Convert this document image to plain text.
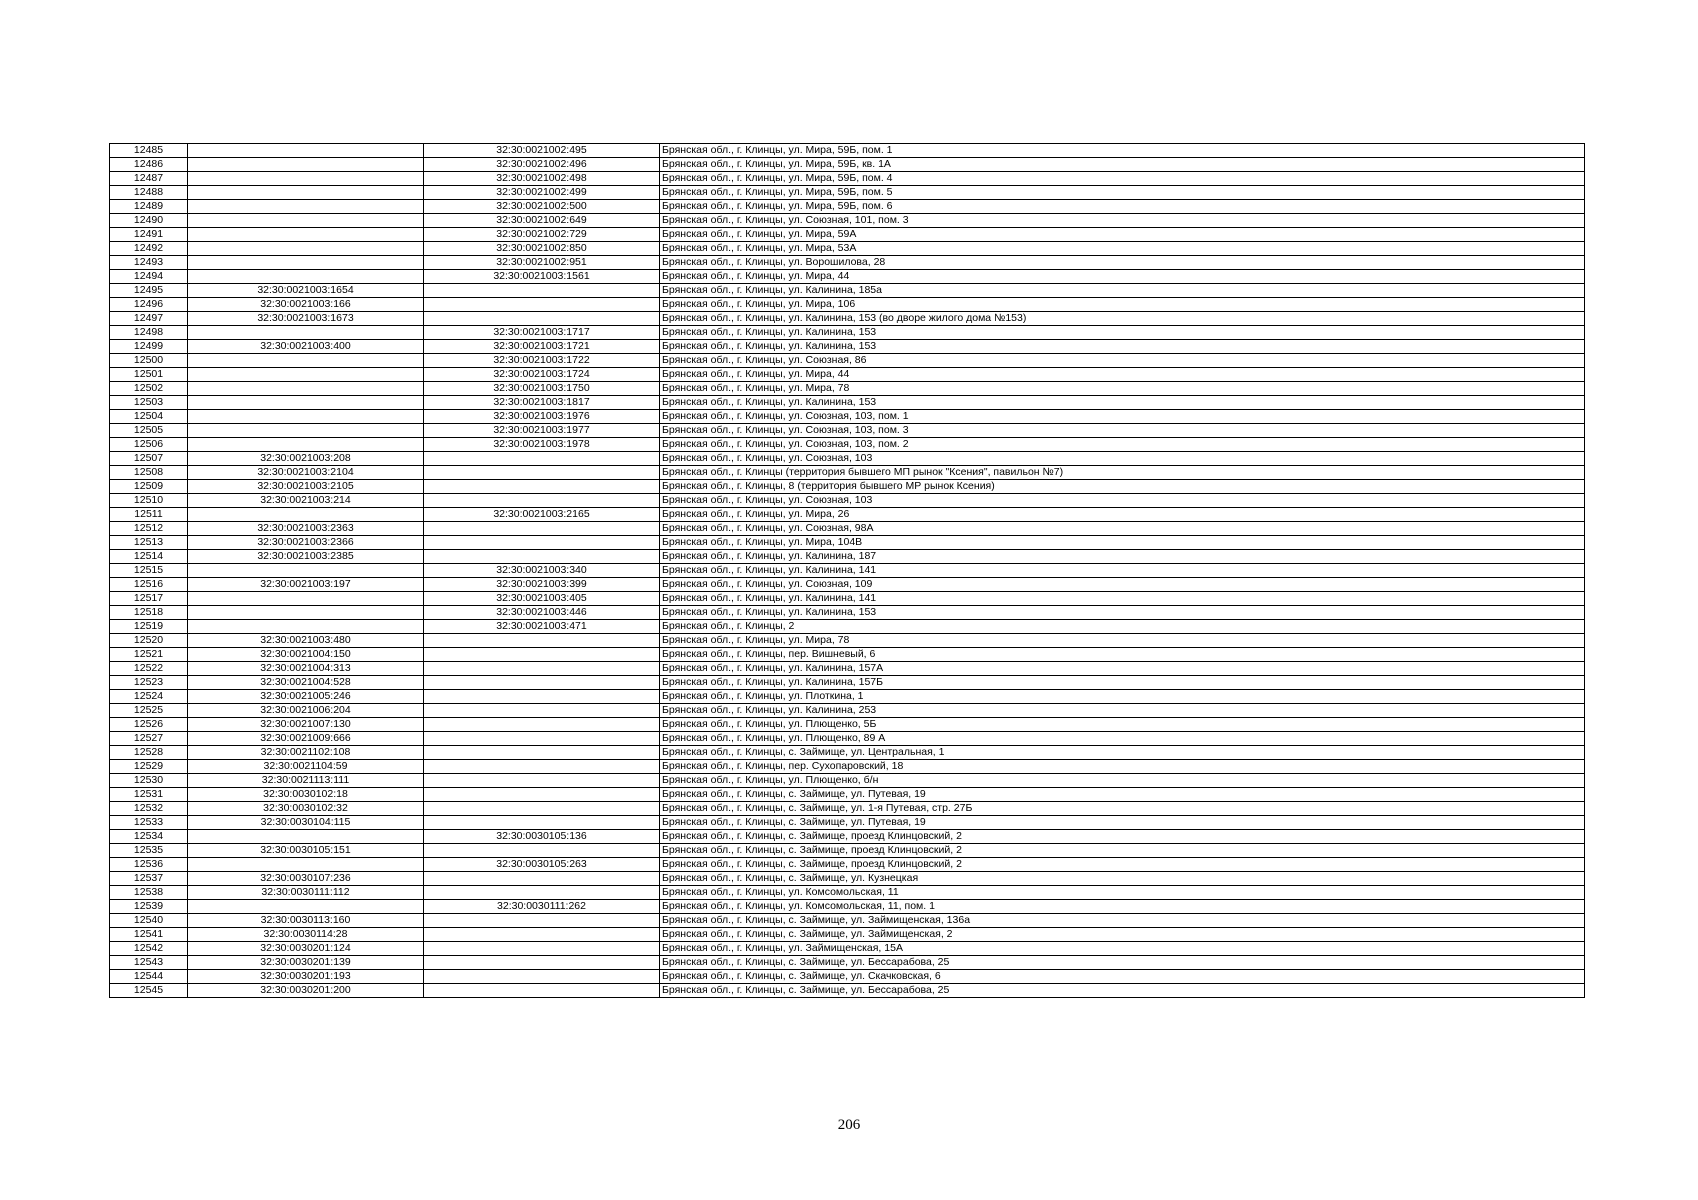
12485		32:30:0021002:495	Брянская обл., г. Клинцы, ул. Мира, 59Б, пом. 1
12486		32:30:0021002:496	Брянская обл., г. Клинцы, ул. Мира, 59Б, кв. 1А
12487		32:30:0021002:498	Брянская обл., г. Клинцы, ул. Мира, 59Б, пом. 4
12488		32:30:0021002:499	Брянская обл., г. Клинцы, ул. Мира, 59Б, пом. 5
12489		32:30:0021002:500	Брянская обл., г. Клинцы, ул. Мира, 59Б, пом. 6
12490		32:30:0021002:649	Брянская обл., г. Клинцы, ул. Союзная, 101, пом. 3
12491		32:30:0021002:729	Брянская обл., г. Клинцы, ул. Мира, 59А
12492		32:30:0021002:850	Брянская обл., г. Клинцы, ул. Мира, 53А
12493		32:30:0021002:951	Брянская обл., г. Клинцы, ул. Ворошилова, 28
12494		32:30:0021003:1561	Брянская обл., г. Клинцы, ул. Мира, 44
12495	32:30:0021003:1654		Брянская обл., г. Клинцы, ул. Калинина, 185а
12496	32:30:0021003:166		Брянская обл., г. Клинцы, ул. Мира, 106
12497	32:30:0021003:1673		Брянская обл., г. Клинцы, ул. Калинина, 153 (во дворе жилого дома №153)
12498		32:30:0021003:1717	Брянская обл., г. Клинцы, ул. Калинина, 153
12499	32:30:0021003:400	32:30:0021003:1721	Брянская обл., г. Клинцы, ул. Калинина, 153
12500		32:30:0021003:1722	Брянская обл., г. Клинцы, ул. Союзная, 86
12501		32:30:0021003:1724	Брянская обл., г. Клинцы, ул. Мира, 44
12502		32:30:0021003:1750	Брянская обл., г. Клинцы, ул. Мира, 78
12503		32:30:0021003:1817	Брянская обл., г. Клинцы, ул. Калинина, 153
12504		32:30:0021003:1976	Брянская обл., г. Клинцы, ул. Союзная, 103, пом. 1
12505		32:30:0021003:1977	Брянская обл., г. Клинцы, ул. Союзная, 103, пом. 3
12506		32:30:0021003:1978	Брянская обл., г. Клинцы, ул. Союзная, 103, пом. 2
12507	32:30:0021003:208		Брянская обл., г. Клинцы, ул. Союзная, 103
12508	32:30:0021003:2104		Брянская обл., г. Клинцы (территория бывшего МП рынок "Ксения", павильон №7)
12509	32:30:0021003:2105		Брянская обл., г. Клинцы, 8 (территория бывшего МР рынок Ксения)
12510	32:30:0021003:214		Брянская обл., г. Клинцы, ул. Союзная, 103
12511		32:30:0021003:2165	Брянская обл., г. Клинцы, ул. Мира, 26
12512	32:30:0021003:2363		Брянская обл., г. Клинцы, ул. Союзная, 98А
12513	32:30:0021003:2366		Брянская обл., г. Клинцы, ул. Мира, 104В
12514	32:30:0021003:2385		Брянская обл., г. Клинцы, ул. Калинина, 187
12515		32:30:0021003:340	Брянская обл., г. Клинцы, ул. Калинина, 141
12516	32:30:0021003:197	32:30:0021003:399	Брянская обл., г. Клинцы, ул. Союзная, 109
12517		32:30:0021003:405	Брянская обл., г. Клинцы, ул. Калинина, 141
12518		32:30:0021003:446	Брянская обл., г. Клинцы, ул. Калинина, 153
12519		32:30:0021003:471	Брянская обл., г. Клинцы, 2
12520	32:30:0021003:480		Брянская обл., г. Клинцы, ул. Мира, 78
12521	32:30:0021004:150		Брянская обл., г. Клинцы, пер. Вишневый, 6
12522	32:30:0021004:313		Брянская обл., г. Клинцы, ул. Калинина, 157А
12523	32:30:0021004:528		Брянская обл., г. Клинцы, ул. Калинина, 157Б
12524	32:30:0021005:246		Брянская обл., г. Клинцы, ул. Плоткина, 1
12525	32:30:0021006:204		Брянская обл., г. Клинцы, ул. Калинина, 253
12526	32:30:0021007:130		Брянская обл., г. Клинцы, ул. Плющенко, 5Б
12527	32:30:0021009:666		Брянская обл., г. Клинцы, ул. Плющенко, 89 А
12528	32:30:0021102:108		Брянская обл., г. Клинцы, с. Займище, ул. Центральная, 1
12529	32:30:0021104:59		Брянская обл., г. Клинцы, пер. Сухопаровский, 18
12530	32:30:0021113:111		Брянская обл., г. Клинцы, ул. Плющенко, б/н
12531	32:30:0030102:18		Брянская обл., г. Клинцы, с. Займище, ул. Путевая, 19
12532	32:30:0030102:32		Брянская обл., г. Клинцы, с. Займище, ул. 1-я Путевая, стр. 27Б
12533	32:30:0030104:115		Брянская обл., г. Клинцы, с. Займище, ул. Путевая, 19
12534		32:30:0030105:136	Брянская обл., г. Клинцы, с. Займище, проезд Клинцовский, 2
12535	32:30:0030105:151		Брянская обл., г. Клинцы, с. Займище, проезд Клинцовский, 2
12536		32:30:0030105:263	Брянская обл., г. Клинцы, с. Займище, проезд Клинцовский, 2
12537	32:30:0030107:236		Брянская обл., г. Клинцы, с. Займище, ул. Кузнецкая
12538	32:30:0030111:112		Брянская обл., г. Клинцы, ул. Комсомольская, 11
12539		32:30:0030111:262	Брянская обл., г. Клинцы, ул. Комсомольская, 11, пом. 1
12540	32:30:0030113:160		Брянская обл., г. Клинцы, с. Займище, ул. Займищенская, 136а
12541	32:30:0030114:28		Брянская обл., г. Клинцы, с. Займище, ул. Займищенская, 2
12542	32:30:0030201:124		Брянская обл., г. Клинцы, ул. Займищенская, 15А
12543	32:30:0030201:139		Брянская обл., г. Клинцы, с. Займище, ул. Бессарабова, 25
12544	32:30:0030201:193		Брянская обл., г. Клинцы, с. Займище, ул. Скачковская, 6
12545	32:30:0030201:200		Брянская обл., г. Клинцы, с. Займище, ул. Бессарабова, 25
206
